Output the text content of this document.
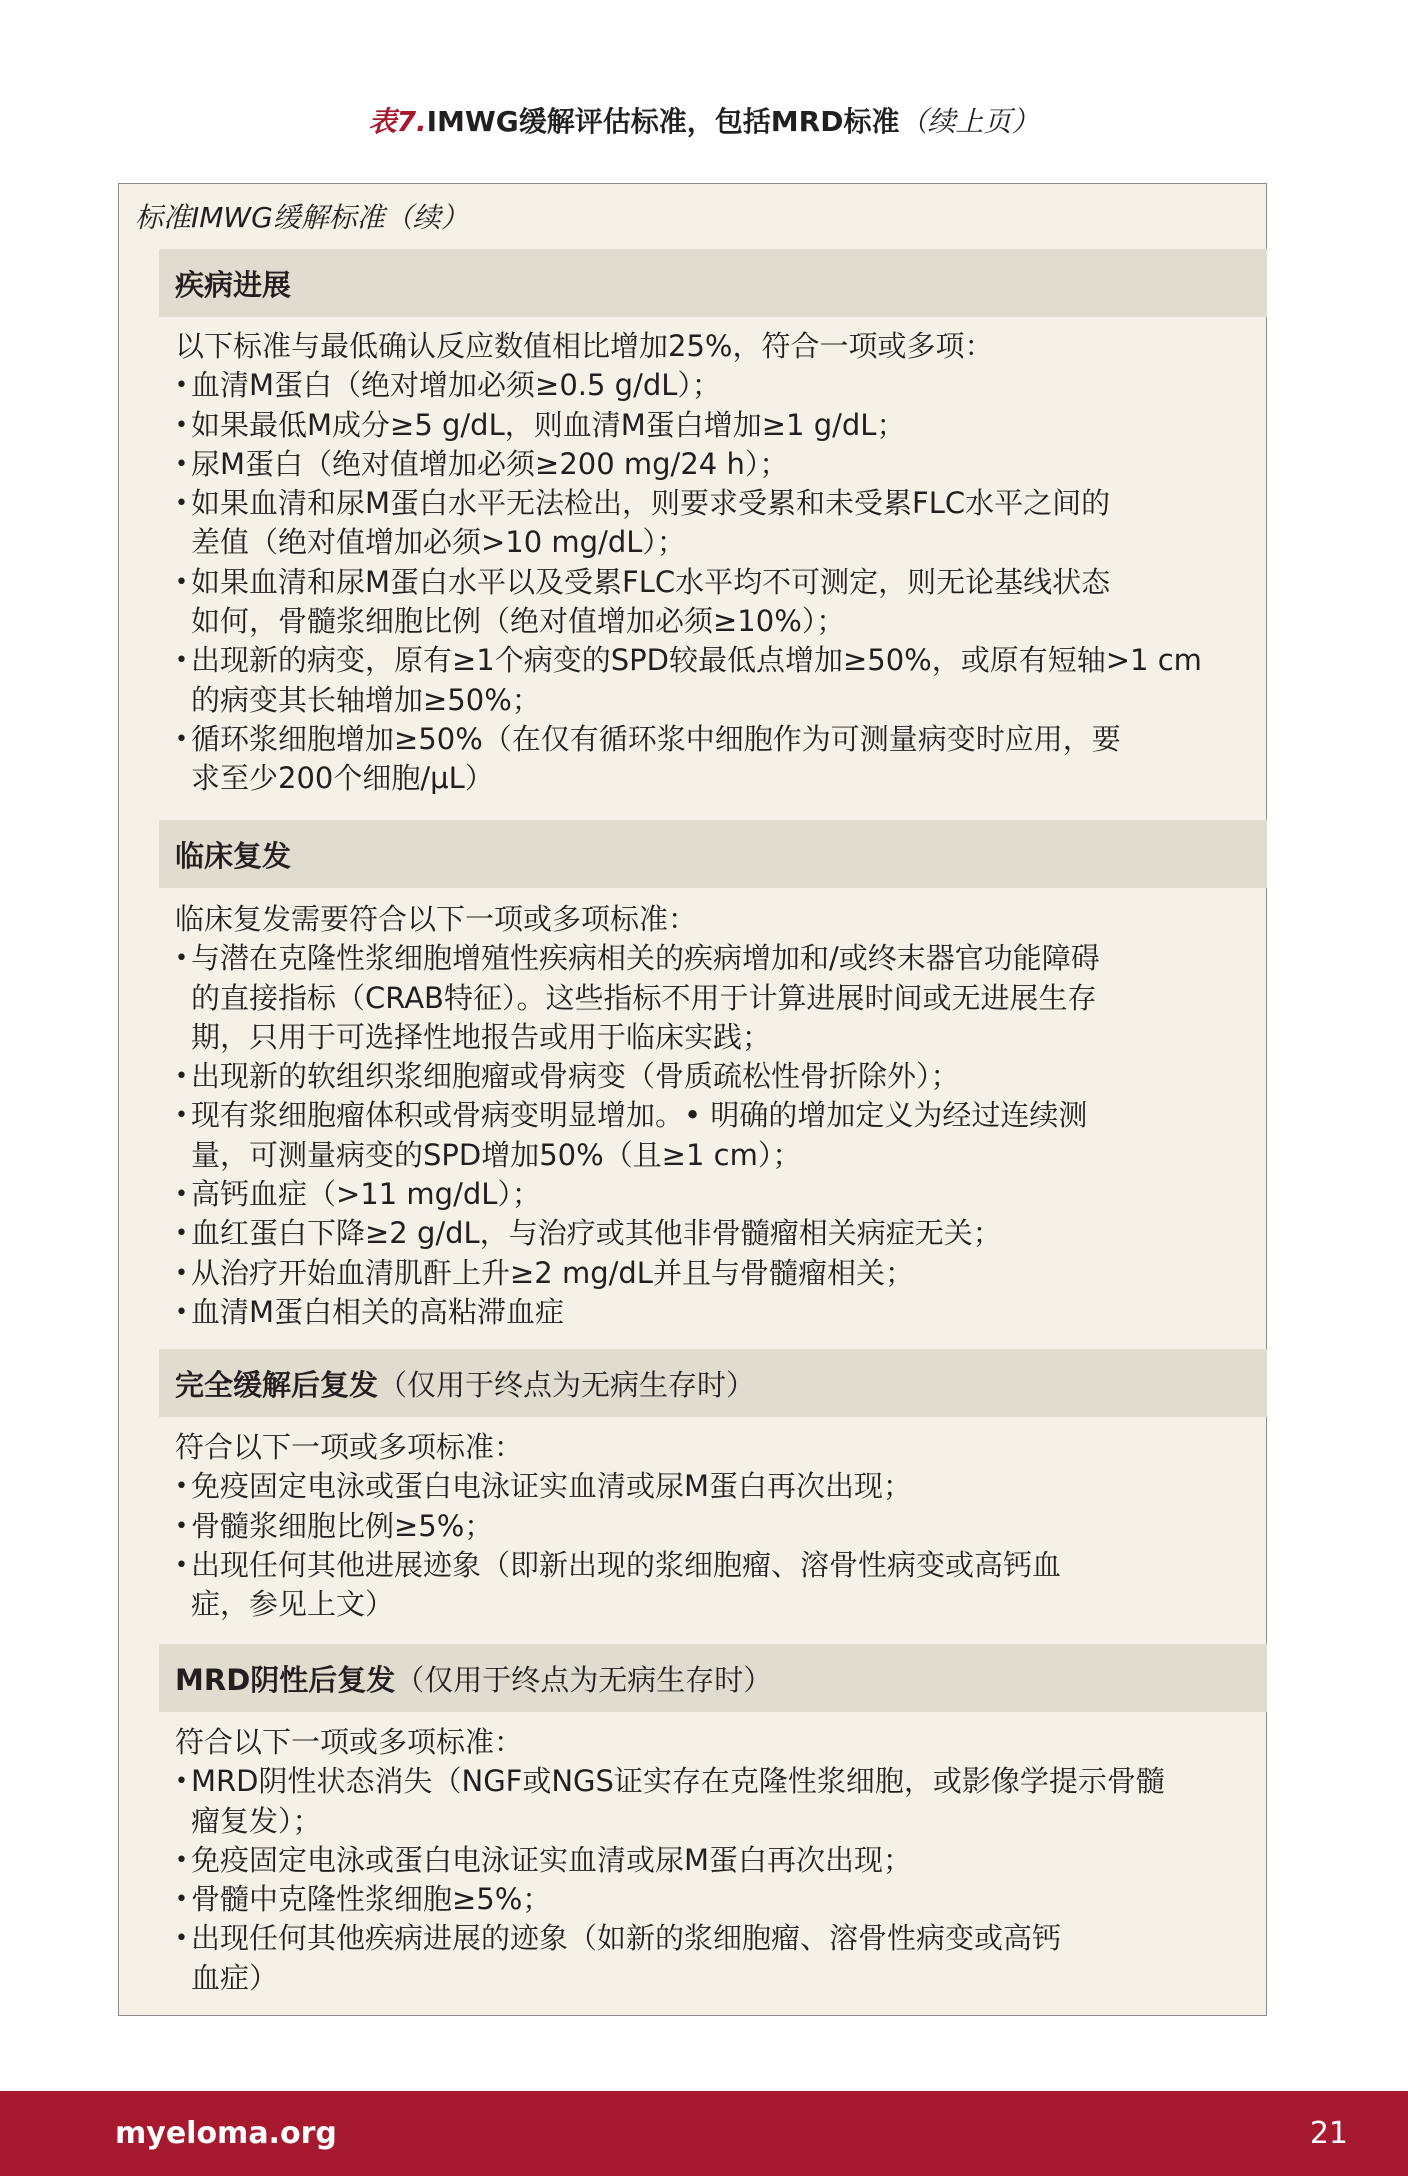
表7.IMWG缓解评估标准，包括MRD标准（续上页）
标准IMWG缓解标准（续）
疾病进展
以下标准与最低确认反应数值相比增加25%，符合一项或多项：
• 血清M蛋白（绝对增加必须≥0.5 g/dL）；
• 如果最低M成分≥5 g/dL，则血清M蛋白增加≥1 g/dL；
• 尿M蛋白（绝对值增加必须≥200 mg/24 h）；
• 如果血清和尿M蛋白水平无法检出，则要求受累和未受累FLC水平之间的
差值（绝对值增加必须>10 mg/dL）；
• 如果血清和尿M蛋白水平以及受累FLC水平均不可测定，则无论基线状态
如何，骨髓浆细胞比例（绝对值增加必须≥10%）；
• 出现新的病变，原有≥1个病变的SPD较最低点增加≥50%，或原有短轴>1 cm
的病变其长轴增加≥50%；
• 循环浆细胞增加≥50%（在仅有循环浆中细胞作为可测量病变时应用，要
求至少200个细胞/μL）
临床复发
临床复发需要符合以下一项或多项标准：
• 与潜在克隆性浆细胞增殖性疾病相关的疾病增加和/或终末器官功能障碍
的直接指标（CRAB特征）。这些指标不用于计算进展时间或无进展生存
期，只用于可选择性地报告或用于临床实践；
• 出现新的软组织浆细胞瘤或骨病变（骨质疏松性骨折除外）；
• 现有浆细胞瘤体积或骨病变明显增加。• 明确的增加定义为经过连续测
量，可测量病变的SPD增加50%（且≥1 cm）；
• 高钙血症（>11 mg/dL）；
• 血红蛋白下降≥2 g/dL，与治疗或其他非骨髓瘤相关病症无关；
• 从治疗开始血清肌酐上升≥2 mg/dL并且与骨髓瘤相关；
• 血清M蛋白相关的高粘滞血症
完全缓解后复发 （仅用于终点为无病生存时）
符合以下一项或多项标准：
• 免疫固定电泳或蛋白电泳证实血清或尿M蛋白再次出现；
• 骨髓浆细胞比例≥5%；
• 出现任何其他进展迹象（即新出现的浆细胞瘤、溶骨性病变或高钙血
症，参见上文）
MRD阴性后复发 （仅用于终点为无病生存时）
符合以下一项或多项标准：
• MRD阴性状态消失（NGF或NGS证实存在克隆性浆细胞，或影像学提示骨髓
瘤复发）；
• 免疫固定电泳或蛋白电泳证实血清或尿M蛋白再次出现；
• 骨髓中克隆性浆细胞≥5%；
• 出现任何其他疾病进展的迹象（如新的浆细胞瘤、溶骨性病变或高钙
血症）
myeloma.org	21
